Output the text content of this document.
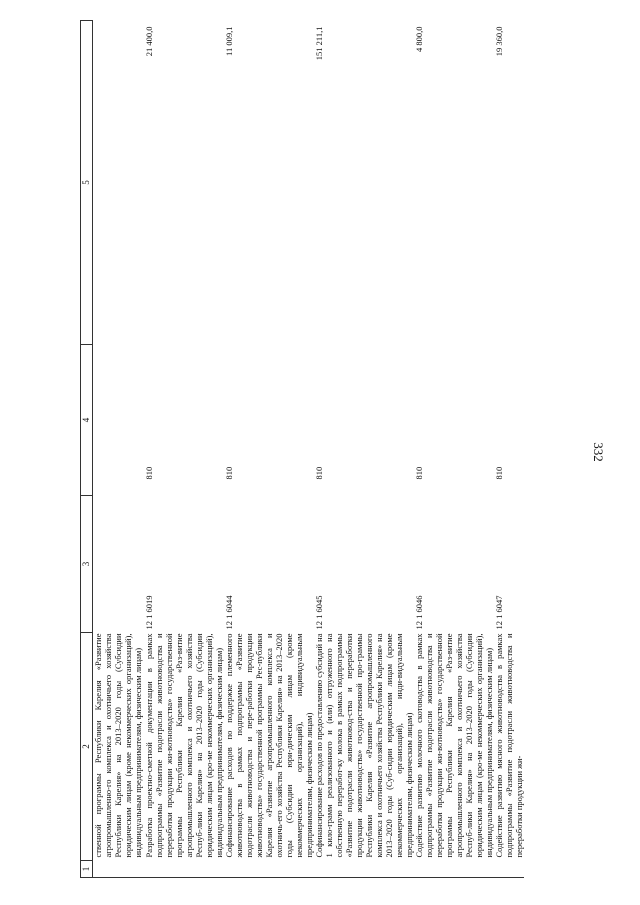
332
1	2	3	4	5
	ственной программы Республики Карелия «Развитие агропромышленно-го комплекса и охотничьего хозяйства Республики Карелия» на 2013–2020 годы (Субсидии юридическим лицам (кроме некоммерческих организаций), индивидуальным предпринимателям, физическим лицам)			
	Разработка проектно-сметной документации в рамках подпрограммы «Развитие подотрасли животноводства и переработки продукции жи-вотноводства» государственной программы Республики Карелия «Раз-витие агропромышленного комплекса и охотничьего хозяйства Респуб-лики Карелия» на 2013–2020 годы (Субсидии юридическим лицам (кро-ме некоммерческих организаций), индивидуальным предпринимателям, физическим лицам)	12 1 6019	810	21 400,0
	Софинансирование расходов по поддержке племенного животноводства в рамках подпрограммы «Развитие подотрасли животноводства и пере-работки продукции животноводства» государственной программы Рес-публики Карелия «Развитие агропромышленного комплекса и охотничь-его хозяйства Республики Карелия» на 2013–2020 годы (Субсидии юри-дическим лицам (кроме некоммерческих организаций), индивидуальным предпринимателям, физическим лицам)	12 1 6044	810	11 009,1
	Софинансирование расходов по предоставлению субсидий на 1 кило-грамм реализованного и (или) отгруженного на собственную переработ-ку молока в рамках подпрограммы «Развитие подотрасли животновод-ства и переработки продукции животноводства» государственной про-граммы Республики Карелия «Развитие агропромышленного комплекса и охотничьего хозяйства Республики Карелия» на 2013–2020 годы (Суб-сидии юридическим лицам (кроме некоммерческих организаций), инди-видуальным предпринимателям, физическим лицам)	12 1 6045	810	151 211,1
	Содействие развитию молочного скотоводства в рамках подпрограммы «Развитие подотрасли животноводства и переработки продукции жи-вотноводства» государственной программы Республики Карелия «Раз-витие агропромышленного комплекса и охотничьего хозяйства Респуб-лики Карелия» на 2013–2020 годы (Субсидии юридическим лицам (кро-ме некоммерческих организаций), индивидуальным предпринимателям, физическим лицам)	12 1 6046	810	4 800,0
	Содействие развитию мясного животноводства в рамках подпрограммы «Развитие подотрасли животноводства и переработки продукции жи-	12 1 6047	810	19 360,0
